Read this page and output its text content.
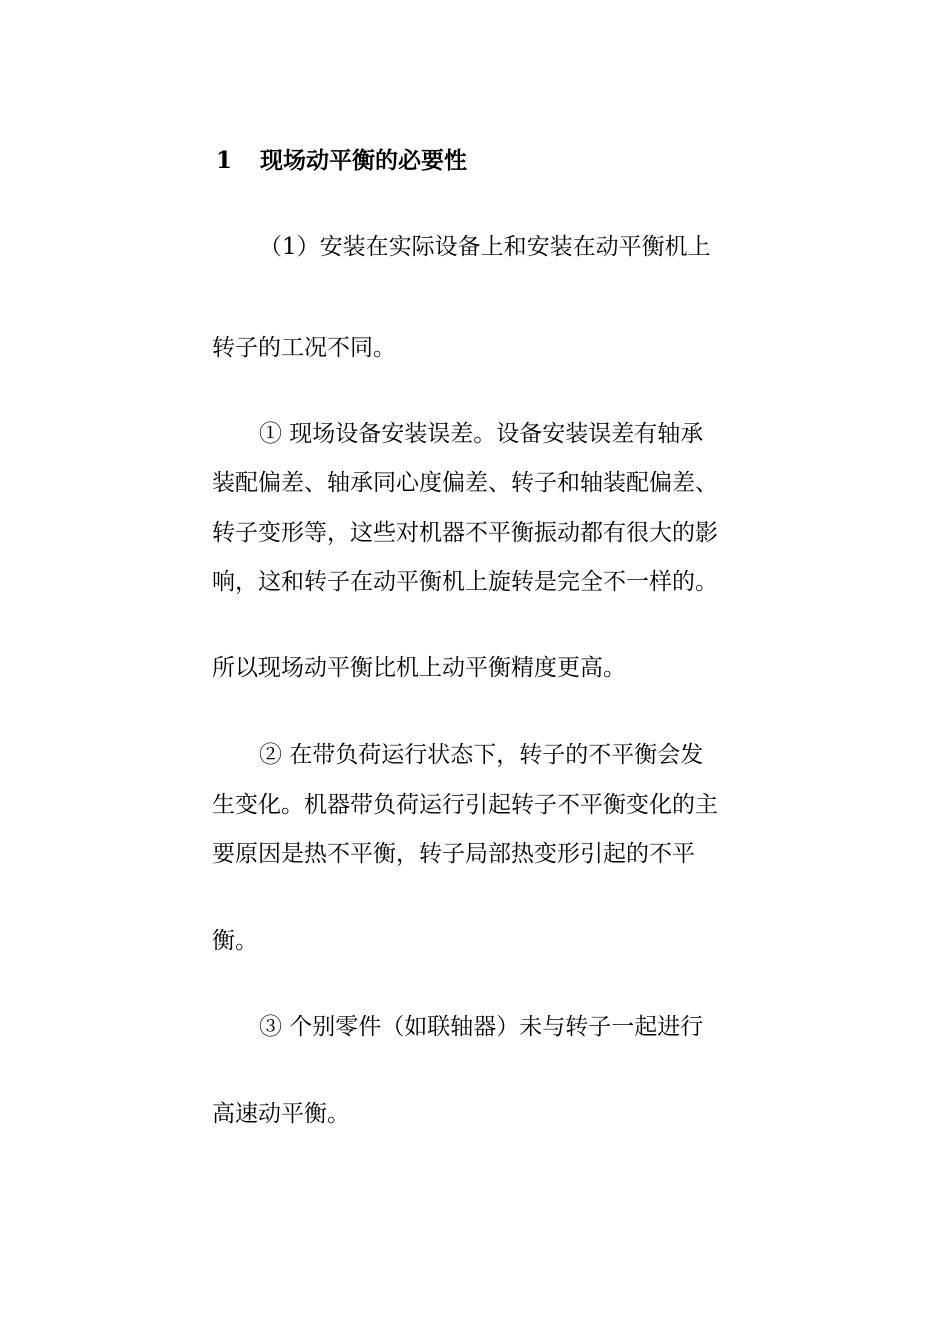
1 现场动平衡的必要性
（1）安装在实际设备上和安装在动平衡机上
转子的工况不同。
① 现场设备安装误差。设备安装误差有轴承
装配偏差、轴承同心度偏差、转子和轴装配偏差、
转子变形等，这些对机器不平衡振动都有很大的影
响，这和转子在动平衡机上旋转是完全不一样的。
所以现场动平衡比机上动平衡精度更高。
② 在带负荷运行状态下，转子的不平衡会发
生变化。机器带负荷运行引起转子不平衡变化的主
要原因是热不平衡，转子局部热变形引起的不平
衡。
③ 个别零件（如联轴器）未与转子一起进行
高速动平衡。
